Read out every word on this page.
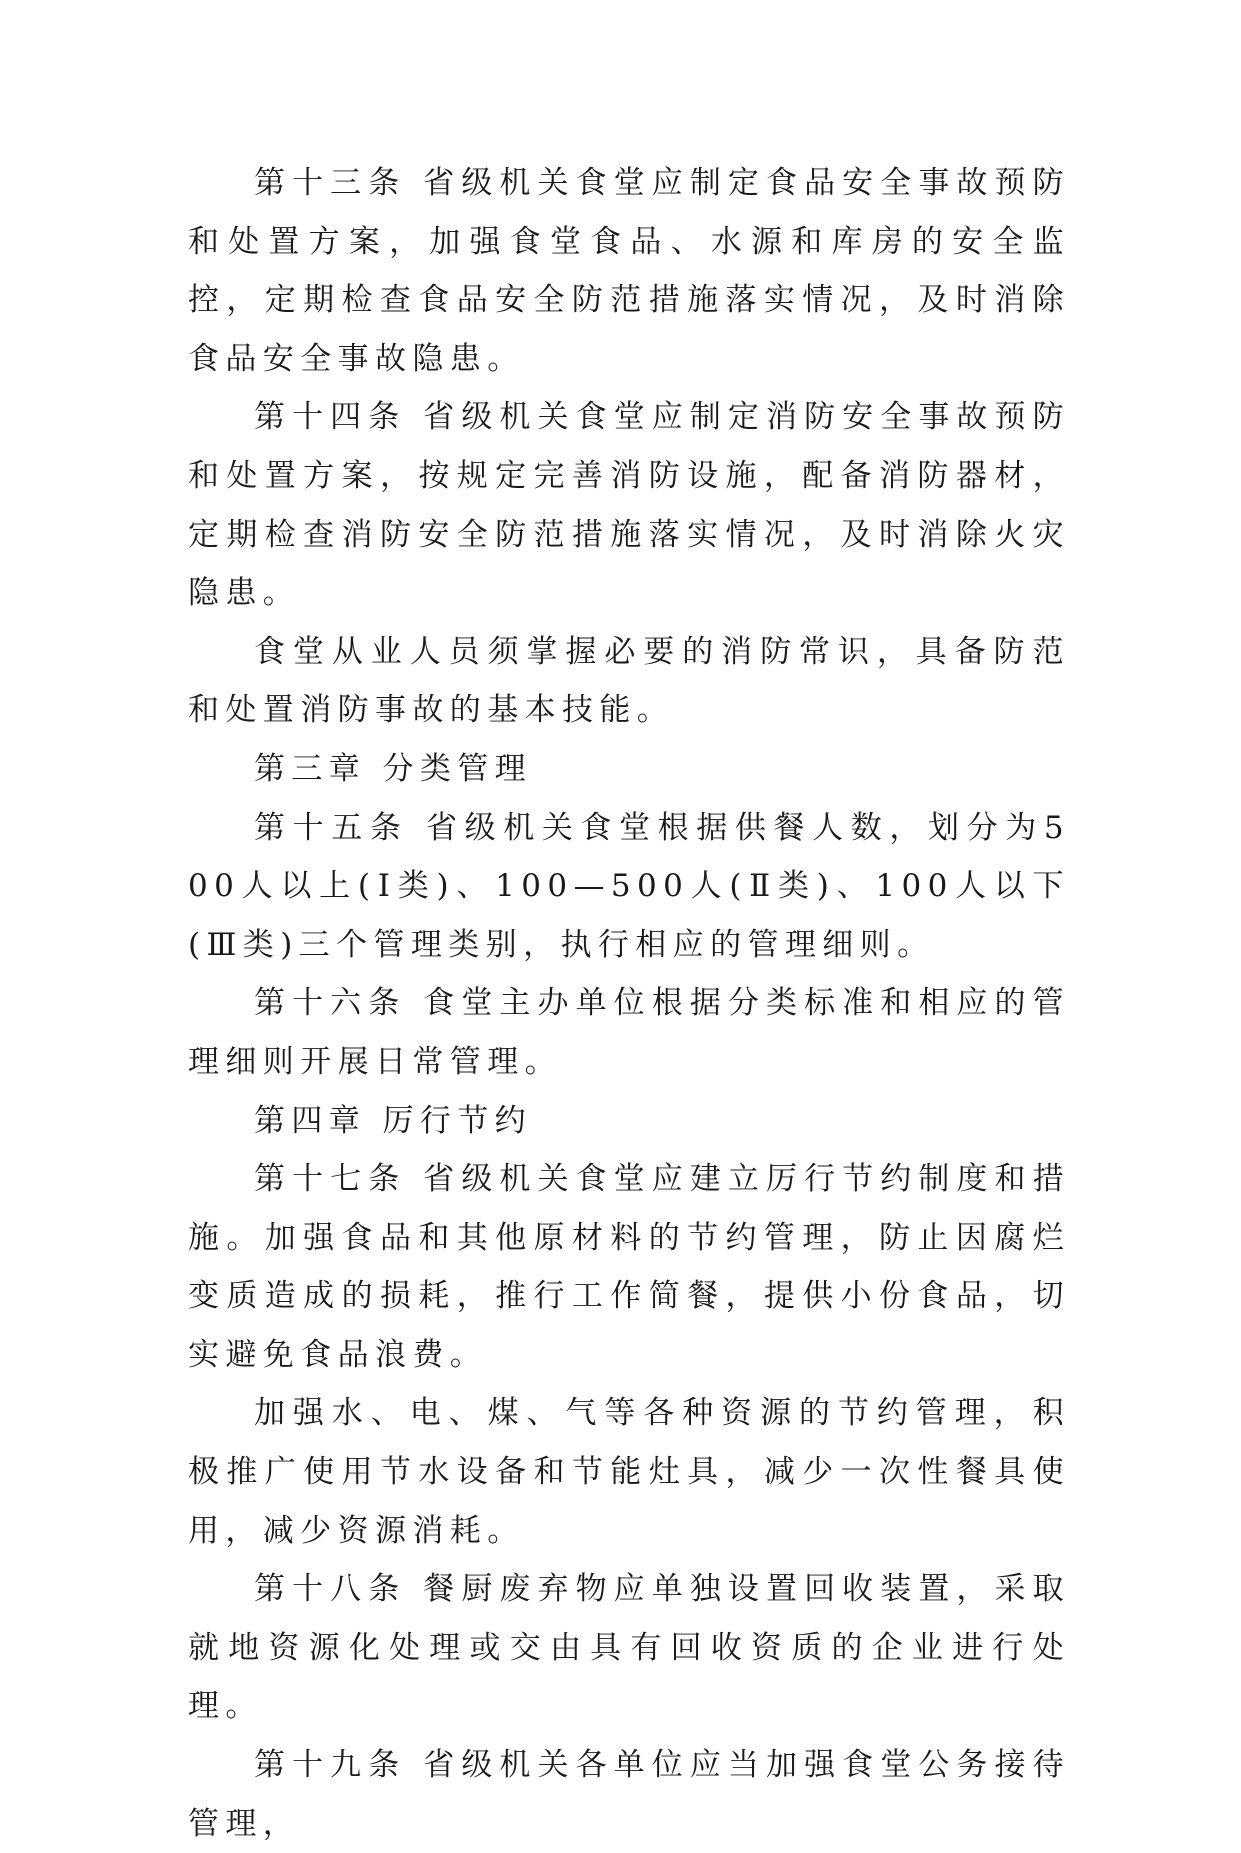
第十三条 省级机关食堂应制定食品安全事故预防和处置方案，加强食堂食品、水源和库房的安全监控，定期检查食品安全防范措施落实情况，及时消除食品安全事故隐患。

第十四条 省级机关食堂应制定消防安全事故预防和处置方案，按规定完善消防设施，配备消防器材，定期检查消防安全防范措施落实情况，及时消除火灾隐患。

食堂从业人员须掌握必要的消防常识，具备防范和处置消防事故的基本技能。

第三章 分类管理

第十五条 省级机关食堂根据供餐人数，划分为500人以上(Ⅰ类)、100—500人(Ⅱ类)、100人以下(Ⅲ类)三个管理类别，执行相应的管理细则。

第十六条 食堂主办单位根据分类标准和相应的管理细则开展日常管理。

第四章 厉行节约

第十七条 省级机关食堂应建立厉行节约制度和措施。加强食品和其他原材料的节约管理，防止因腐烂变质造成的损耗，推行工作简餐，提供小份食品，切实避免食品浪费。

加强水、电、煤、气等各种资源的节约管理，积极推广使用节水设备和节能灶具，减少一次性餐具使用，减少资源消耗。

第十八条 餐厨废弃物应单独设置回收装置，采取就地资源化处理或交由具有回收资质的企业进行处理。

第十九条 省级机关各单位应当加强食堂公务接待管理，
